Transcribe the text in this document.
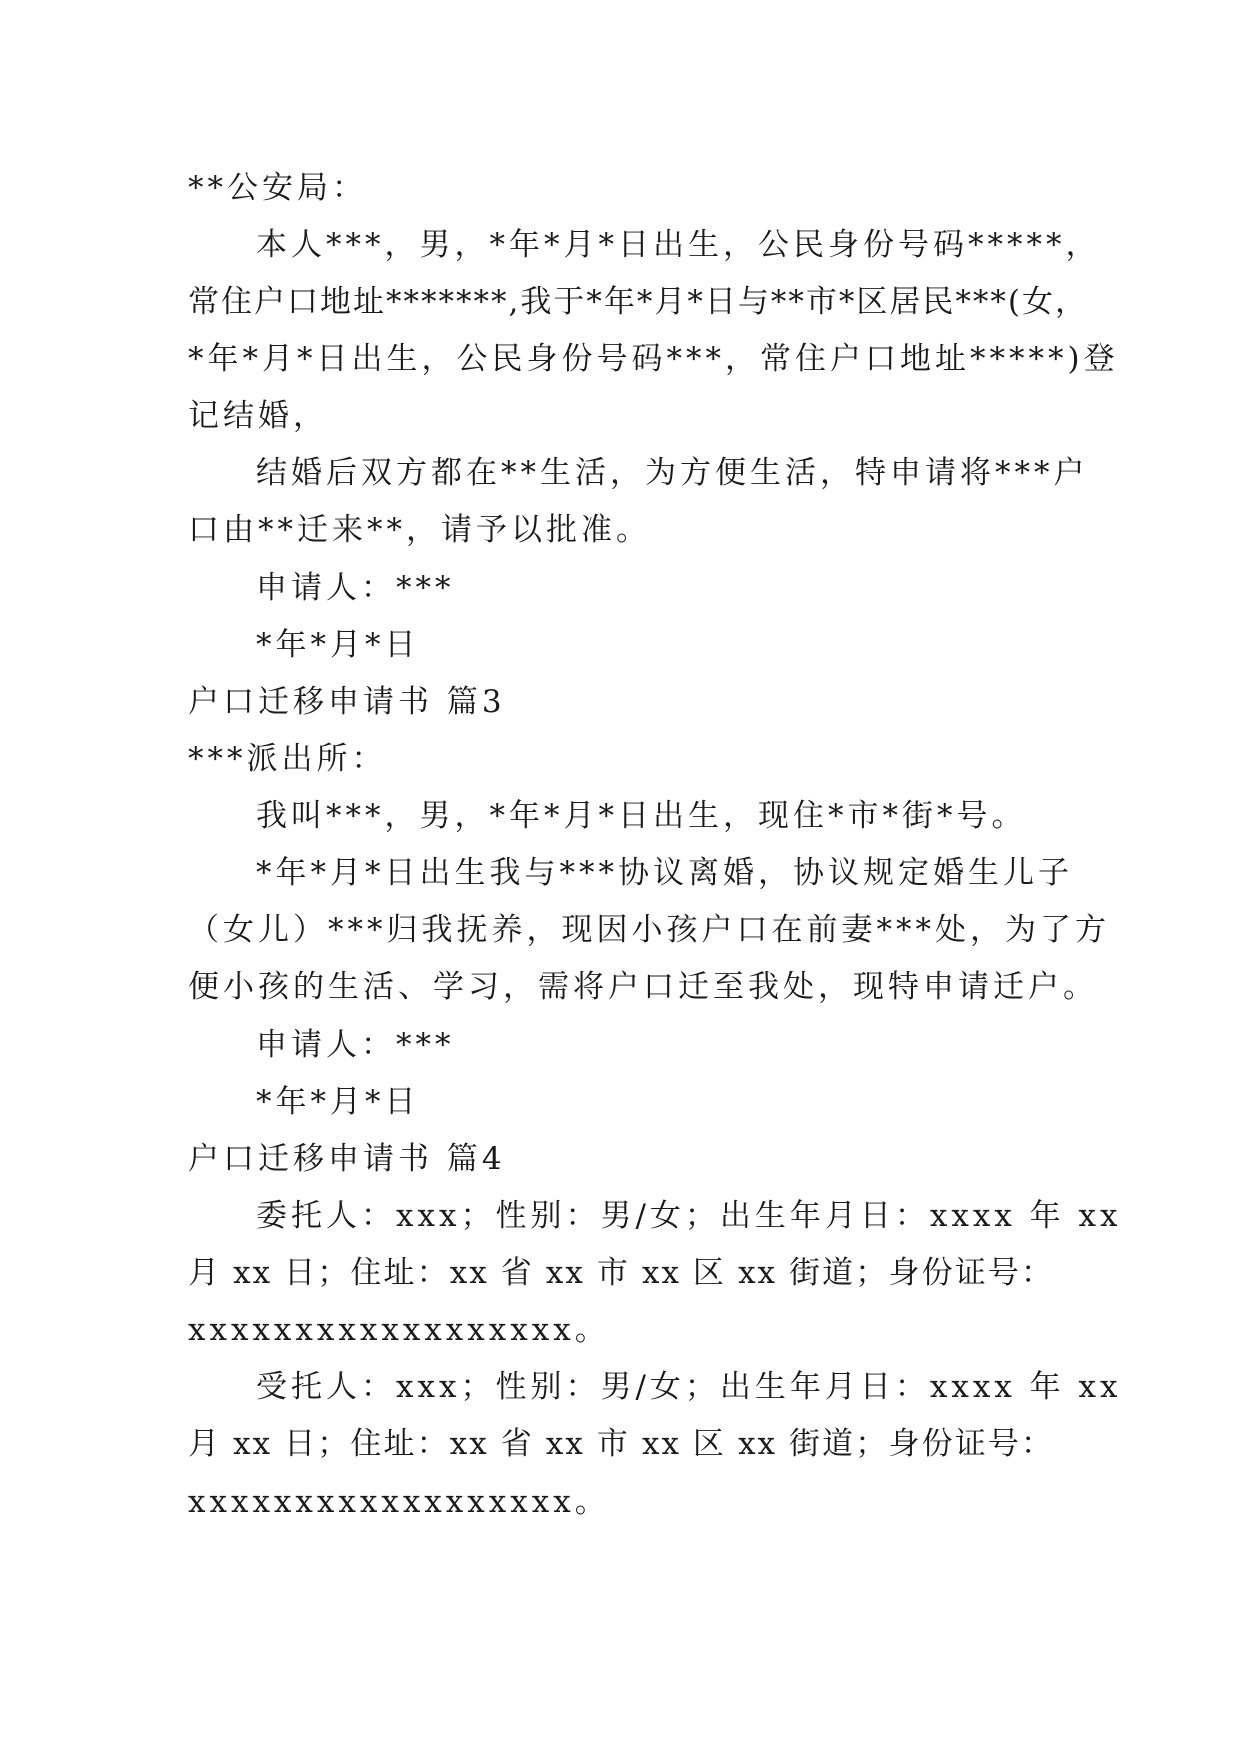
**公安局：

本人***，男，*年*月*日出生，公民身份号码*****，

常住户口地址*******,我于*年*月*日与**市*区居民***(女，

*年*月*日出生，公民身份号码***，常住户口地址*****)登

记结婚，

结婚后双方都在**生活，为方便生活，特申请将***户

口由**迁来**，请予以批准。

申请人：***

*年*月*日

户口迁移申请书 篇3

***派出所：

我叫***，男，*年*月*日出生，现住*市*街*号。

*年*月*日出生我与***协议离婚，协议规定婚生儿子

（女儿）***归我抚养，现因小孩户口在前妻***处，为了方

便小孩的生活、学习，需将户口迁至我处，现特申请迁户。

申请人：***

*年*月*日

户口迁移申请书 篇4

委托人：xxx；性别：男/女；出生年月日：xxxx 年 xx

月 xx 日；住址：xx 省 xx 市 xx 区 xx 街道；身份证号：

xxxxxxxxxxxxxxxxxx。

受托人：xxx；性别：男/女；出生年月日：xxxx 年 xx

月 xx 日；住址：xx 省 xx 市 xx 区 xx 街道；身份证号：

xxxxxxxxxxxxxxxxxx。
